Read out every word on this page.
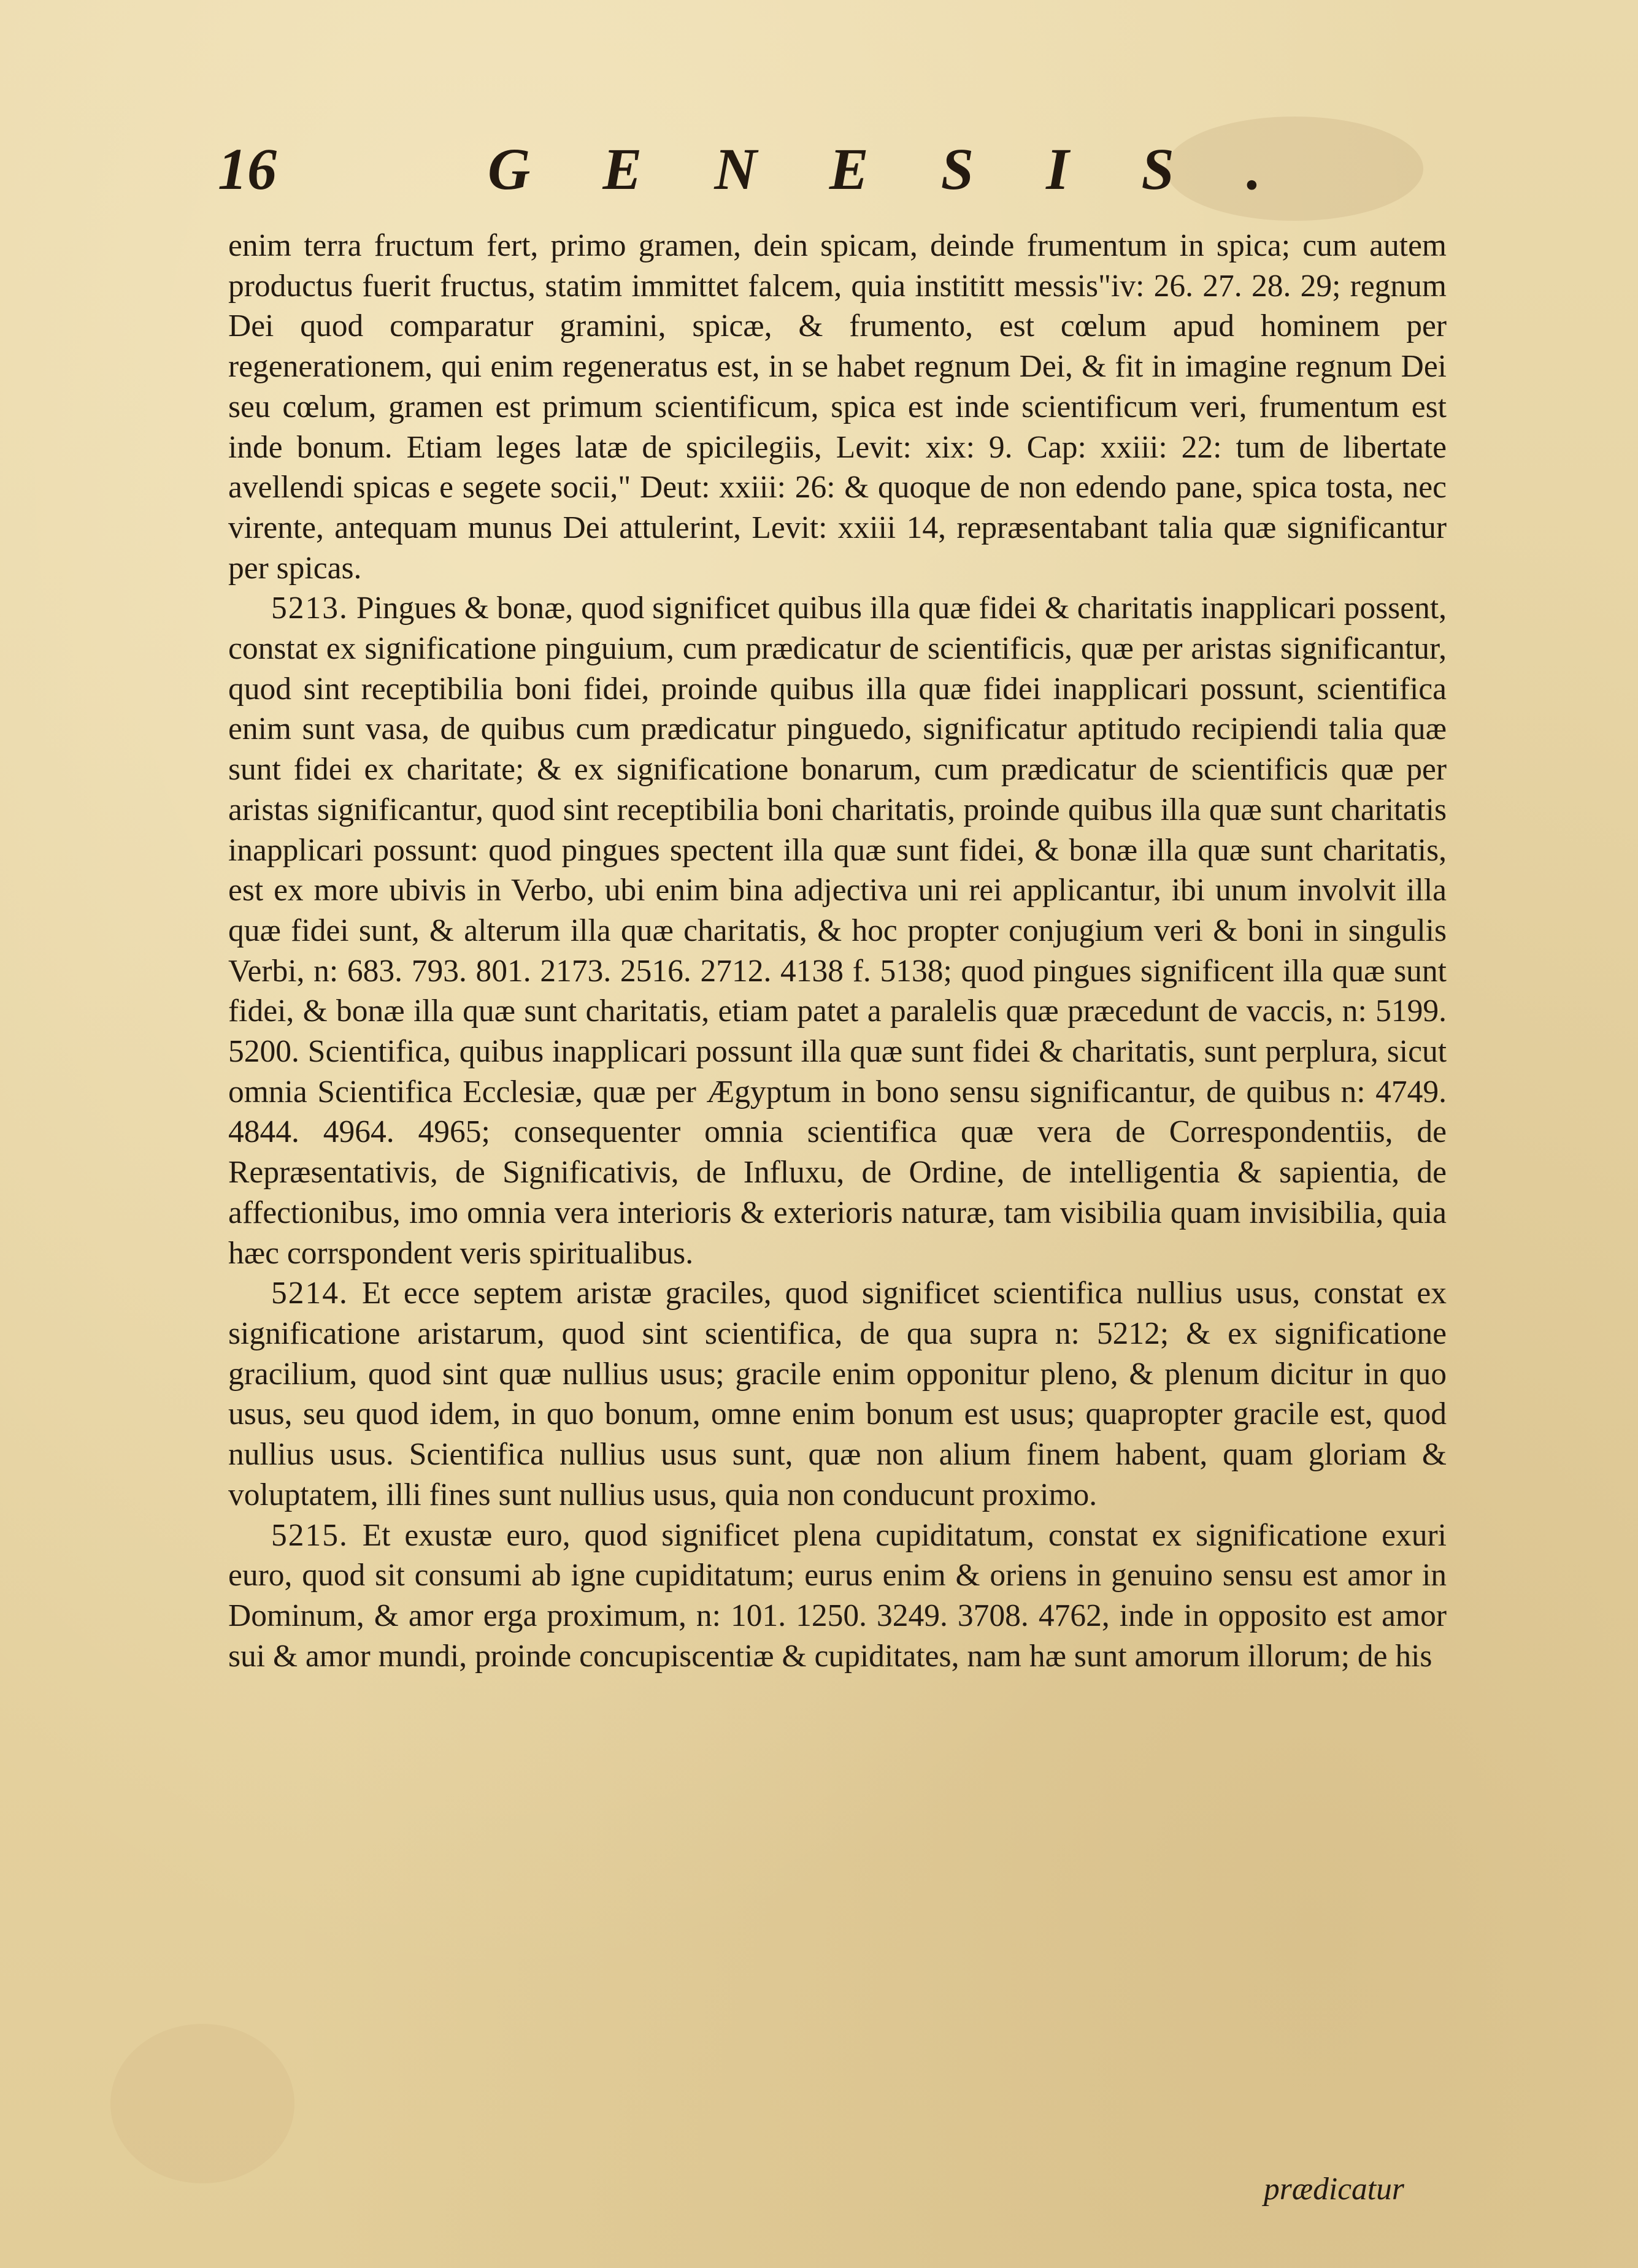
16	GENESIS.

enim terra fructum fert, primo gramen, dein spicam, deinde frumentum in spica; cum autem productus fuerit fructus, statim immittet falcem, quia instititt messis"iv: 26. 27. 28. 29; regnum Dei quod comparatur gramini, spicæ, & frumento, est cœlum apud hominem per regenerationem, qui enim regeneratus est, in se habet regnum Dei, & fit in imagine regnum Dei seu cœlum, gramen est primum scientificum, spica est inde scientificum veri, frumentum est inde bonum. Etiam leges latæ de spicilegiis, Levit: xix: 9. Cap: xxiii: 22: tum de libertate avellendi spicas e segete socii," Deut: xxiii: 26: & quoque de non edendo pane, spica tosta, nec virente, antequam munus Dei attulerint, Levit: xxiii 14, repræsentabant talia quæ significantur per spicas.

5213. Pingues & bonæ, quod significet quibus illa quæ fidei & charitatis inapplicari possent, constat ex significatione pinguium, cum prædicatur de scientificis, quæ per aristas significantur, quod sint receptibilia boni fidei, proinde quibus illa quæ fidei inapplicari possunt, scientifica enim sunt vasa, de quibus cum prædicatur pinguedo, significatur aptitudo recipiendi talia quæ sunt fidei ex charitate; & ex significatione bonarum, cum prædicatur de scientificis quæ per aristas significantur, quod sint receptibilia boni charitatis, proinde quibus illa quæ sunt charitatis inapplicari possunt: quod pingues spectent illa quæ sunt fidei, & bonæ illa quæ sunt charitatis, est ex more ubivis in Verbo, ubi enim bina adjectiva uni rei applicantur, ibi unum involvit illa quæ fidei sunt, & alterum illa quæ charitatis, & hoc propter conjugium veri & boni in singulis Verbi, n: 683. 793. 801. 2173. 2516. 2712. 4138 f. 5138; quod pingues significent illa quæ sunt fidei, & bonæ illa quæ sunt charitatis, etiam patet a paralelis quæ præcedunt de vaccis, n: 5199. 5200. Scientifica, quibus inapplicari possunt illa quæ sunt fidei & charitatis, sunt perplura, sicut omnia Scientifica Ecclesiæ, quæ per Ægyptum in bono sensu significantur, de quibus n: 4749. 4844. 4964. 4965; consequenter omnia scientifica quæ vera de Correspondentiis, de Repræsentativis, de Significativis, de Influxu, de Ordine, de intelligentia & sapientia, de affectionibus, imo omnia vera interioris & exterioris naturæ, tam visibilia quam invisibilia, quia hæc corrspondent veris spiritualibus.

5214. Et ecce septem aristæ graciles, quod significet scientifica nullius usus, constat ex significatione aristarum, quod sint scientifica, de qua supra n: 5212; & ex significatione gracilium, quod sint quæ nullius usus; gracile enim opponitur pleno, & plenum dicitur in quo usus, seu quod idem, in quo bonum, omne enim bonum est usus; quapropter gracile est, quod nullius usus. Scientifica nullius usus sunt, quæ non alium finem habent, quam gloriam & voluptatem, illi fines sunt nullius usus, quia non conducunt proximo.

5215. Et exustæ euro, quod significet plena cupiditatum, constat ex significatione exuri euro, quod sit consumi ab igne cupiditatum; eurus enim & oriens in genuino sensu est amor in Dominum, & amor erga proximum, n: 101. 1250. 3249. 3708. 4762, inde in opposito est amor sui & amor mundi, proinde concupiscentiæ & cupiditates, nam hæ sunt amorum illorum; de his

prædicatur
